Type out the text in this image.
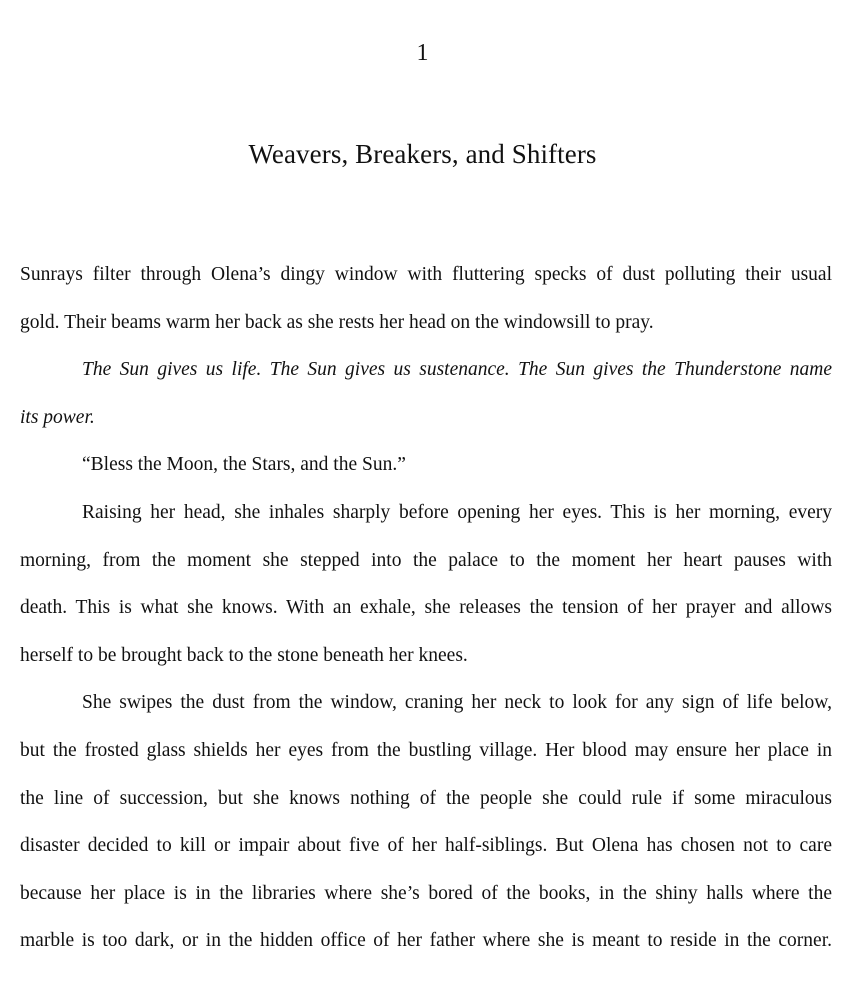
1
Weavers, Breakers, and Shifters

Sunrays filter through Olena’s dingy window with fluttering specks of dust polluting their usual

gold. Their beams warm her back as she rests her head on the windowsill to pray.

The Sun gives us life. The Sun gives us sustenance. The Sun gives the Thunderstone name

its power.

“Bless the Moon, the Stars, and the Sun.”

Raising her head, she inhales sharply before opening her eyes. This is her morning, every

morning, from the moment she stepped into the palace to the moment her heart pauses with

death. This is what she knows. With an exhale, she releases the tension of her prayer and allows

herself to be brought back to the stone beneath her knees.

She swipes the dust from the window, craning her neck to look for any sign of life below,

but the frosted glass shields her eyes from the bustling village. Her blood may ensure her place in

the line of succession, but she knows nothing of the people she could rule if some miraculous

disaster decided to kill or impair about five of her half-siblings. But Olena has chosen not to care

because her place is in the libraries where she’s bored of the books, in the shiny halls where the

marble is too dark, or in the hidden office of her father where she is meant to reside in the corner.
